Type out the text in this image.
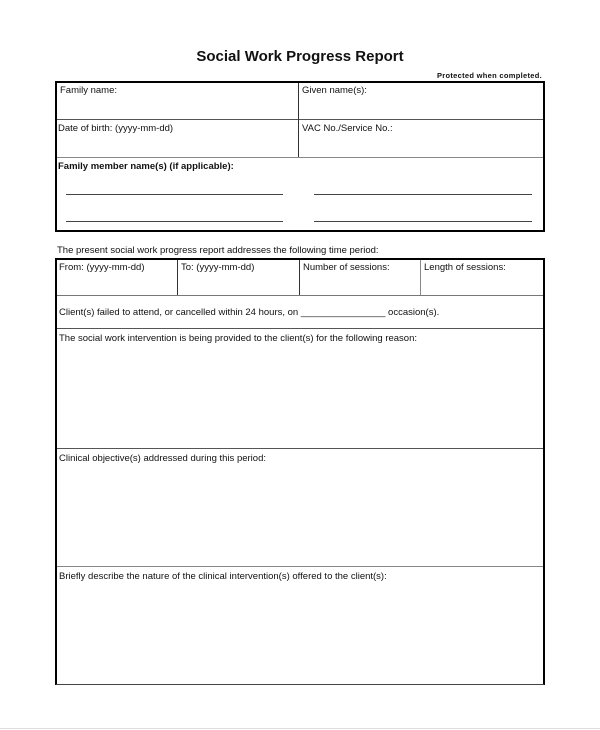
Social Work Progress Report
Protected when completed.
Family name:	Given name(s):
Date of birth: (yyyy-mm-dd)	VAC No./Service No.:
Family member name(s) (if applicable):
The present social work progress report addresses the following time period:
From: (yyyy-mm-dd)	To: (yyyy-mm-dd)	Number of sessions:	Length of sessions:
Client(s) failed to attend, or cancelled within 24 hours, on ________________ occasion(s).
The social work intervention is being provided to the client(s) for the following reason:
Clinical objective(s) addressed during this period:
Briefly describe the nature of the clinical intervention(s) offered to the client(s):
